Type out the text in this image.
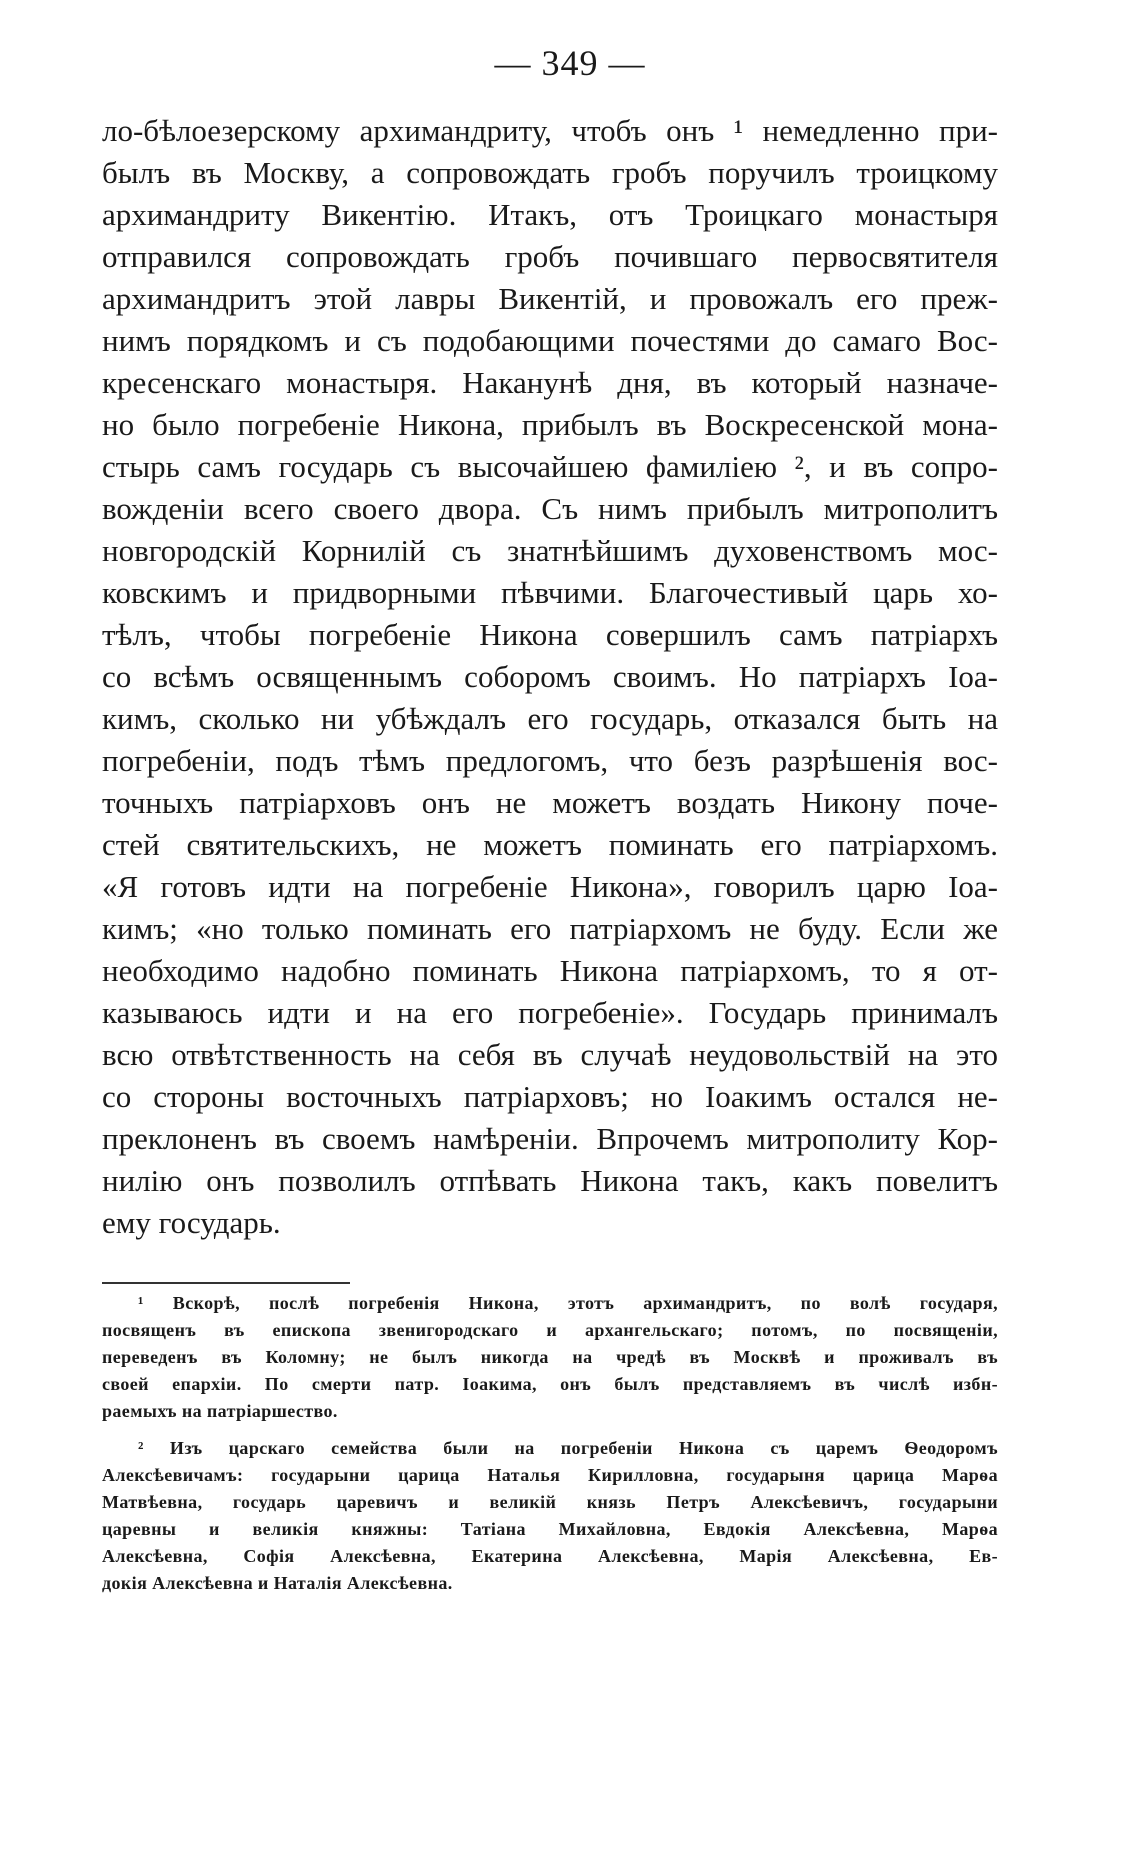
— 349 —
ло-бѣлоезерскому архимандриту, чтобъ онъ ¹ немедленно при-
былъ въ Москву, а сопровождать гробъ поручилъ троицкому
архимандриту Викентію. Итакъ, отъ Троицкаго монастыря
отправился сопровождать гробъ почившаго первосвятителя
архимандритъ этой лавры Викентій, и провожалъ его преж-
нимъ порядкомъ и съ подобающими почестями до самаго Вос-
кресенскаго монастыря. Наканунѣ дня, въ который назначе-
но было погребеніе Никона, прибылъ въ Воскресенской мона-
стырь самъ государь съ высочайшею фамиліею ², и въ сопро-
вожденіи всего своего двора. Съ нимъ прибылъ митрополитъ
новгородскій Корнилій съ знатнѣйшимъ духовенствомъ мос-
ковскимъ и придворными пѣвчими. Благочестивый царь хо-
тѣлъ, чтобы погребеніе Никона совершилъ самъ патріархъ
со всѣмъ освященнымъ соборомъ своимъ. Но патріархъ Іоа-
кимъ, сколько ни убѣждалъ его государь, отказался быть на
погребеніи, подъ тѣмъ предлогомъ, что безъ разрѣшенія вос-
точныхъ патріарховъ онъ не можетъ воздать Никону поче-
стей святительскихъ, не можетъ поминать его патріархомъ.
«Я готовъ идти на погребеніе Никона», говорилъ царю Іоа-
кимъ; «но только поминать его патріархомъ не буду. Если же
необходимо надобно поминать Никона патріархомъ, то я от-
казываюсь идти и на его погребеніе». Государь принималъ
всю отвѣтственность на себя въ случаѣ неудовольствій на это
со стороны восточныхъ патріарховъ; но Іоакимъ остался не-
преклоненъ въ своемъ намѣреніи. Впрочемъ митрополиту Кор-
нилію онъ позволилъ отпѣвать Никона такъ, какъ повелитъ
ему государь.
¹ Вскорѣ, послѣ погребенія Никона, этотъ архимандритъ, по волѣ государя,
посвященъ въ епископа звенигородскаго и архангельскаго; потомъ, по посвященіи,
переведенъ въ Коломну; не былъ никогда на чредѣ въ Москвѣ и проживалъ въ
своей епархіи. По смерти патр. Іоакима, онъ былъ представляемъ въ числѣ избн-
раемыхъ на патріаршество.
² Изъ царскаго семейства были на погребеніи Никона съ царемъ Ѳеодоромъ
Алексѣевичамъ: государыни царица Наталья Кирилловна, государыня царица Марѳа
Матвѣевна, государь царевичъ и великій князь Петръ Алексѣевичъ, государыни
царевны и великія княжны: Татіана Михайловна, Евдокія Алексѣевна, Марѳа
Алексѣевна, Софія Алексѣевна, Екатерина Алексѣевна, Марія Алексѣевна, Ев-
докія Алексѣевна и Наталія Алексѣевна.
